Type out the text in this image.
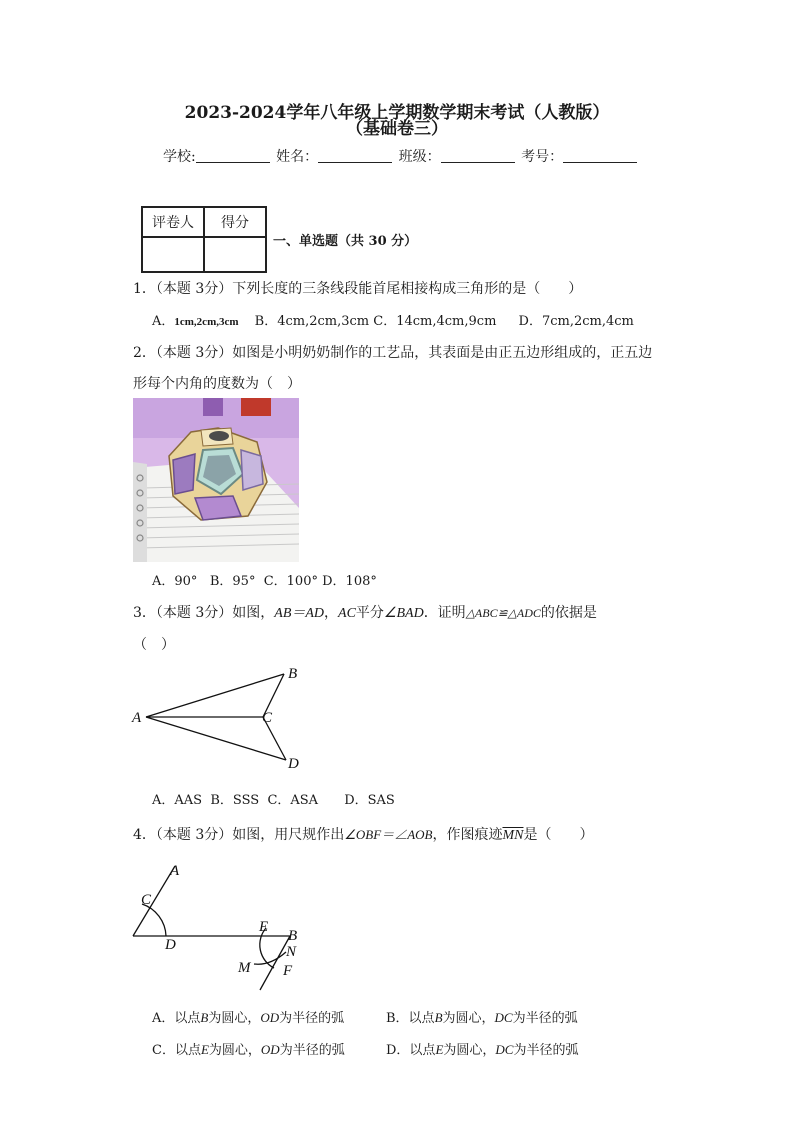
2023-2024学年八年级上学期数学期末考试（人教版）
（基础卷三）
学校:	姓名：	班级：	考号：
评卷人	得分

一、单选题（共 30 分）
1．（本题 3分）下列长度的三条线段能首尾相接构成三角形的是（　　）
A．1cm,2cm,3cm B．4cm,2cm,3cm C．14cm,4cm,9cm D．7cm,2cm,4cm
2．（本题 3分）如图是小明奶奶制作的工艺品，其表面是由正五边形组成的，正五边
形每个内角的度数为（　）
A．90° B．95° C．100° D．108°
3．（本题 3分）如图，AB＝AD，AC平分∠BAD．证明△ABC≌△ADC的依据是
（　）
A
B
C
D
A．AAS B．SSS C．ASA D．SAS
4．（本题 3分）如图，用尺规作出∠OBF＝∠AOB，作图痕迹$\overline{MN}$是（　　）
A
C
D
E
B
N
M F
A．以点B为圆心，OD为半径的弧	B．以点B为圆心，DC为半径的弧
C．以点E为圆心，OD为半径的弧	D．以点E为圆心，DC为半径的弧
